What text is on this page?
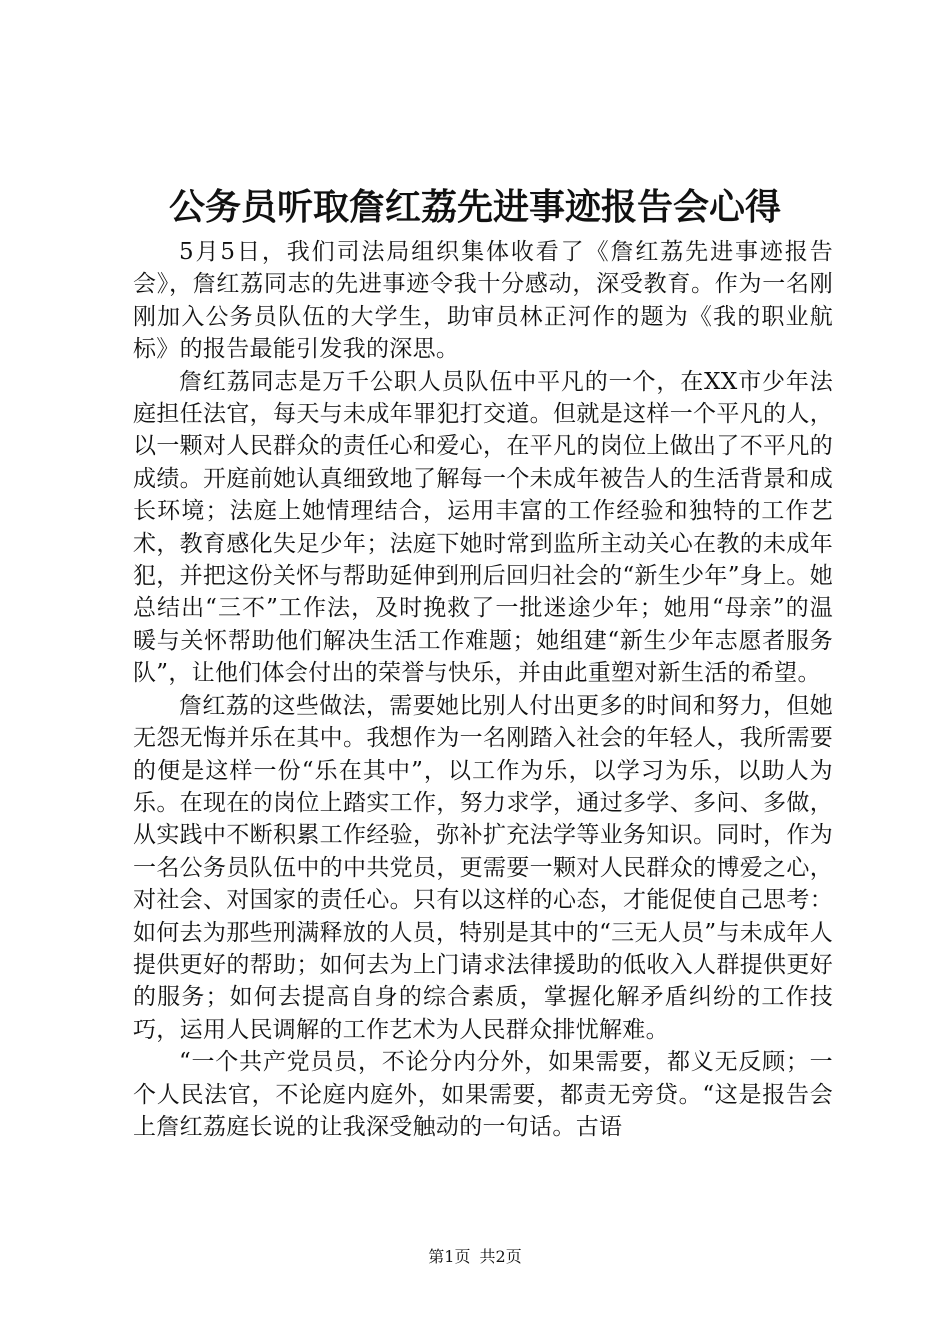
公务员听取詹红荔先进事迹报告会心得

5月5日，我们司法局组织集体收看了《詹红荔先进事迹报告会》，詹红荔同志的先进事迹令我十分感动，深受教育。作为一名刚刚加入公务员队伍的大学生，助审员林正河作的题为《我的职业航标》的报告最能引发我的深思。

詹红荔同志是万千公职人员队伍中平凡的一个，在XX市少年法庭担任法官，每天与未成年罪犯打交道。但就是这样一个平凡的人，以一颗对人民群众的责任心和爱心，在平凡的岗位上做出了不平凡的成绩。开庭前她认真细致地了解每一个未成年被告人的生活背景和成长环境；法庭上她情理结合，运用丰富的工作经验和独特的工作艺术，教育感化失足少年；法庭下她时常到监所主动关心在教的未成年犯，并把这份关怀与帮助延伸到刑后回归社会的“新生少年”身上。她总结出“三不”工作法，及时挽救了一批迷途少年；她用“母亲”的温暖与关怀帮助他们解决生活工作难题；她组建“新生少年志愿者服务队”，让他们体会付出的荣誉与快乐，并由此重塑对新生活的希望。

詹红荔的这些做法，需要她比别人付出更多的时间和努力，但她无怨无悔并乐在其中。我想作为一名刚踏入社会的年轻人，我所需要的便是这样一份“乐在其中”，以工作为乐，以学习为乐，以助人为乐。在现在的岗位上踏实工作，努力求学，通过多学、多问、多做，从实践中不断积累工作经验，弥补扩充法学等业务知识。同时，作为一名公务员队伍中的中共党员，更需要一颗对人民群众的博爱之心，对社会、对国家的责任心。只有以这样的心态，才能促使自己思考：如何去为那些刑满释放的人员，特别是其中的“三无人员”与未成年人提供更好的帮助；如何去为上门请求法律援助的低收入人群提供更好的服务；如何去提高自身的综合素质，掌握化解矛盾纠纷的工作技巧，运用人民调解的工作艺术为人民群众排忧解难。

“一个共产党员员，不论分内分外，如果需要，都义无反顾；一个人民法官，不论庭内庭外，如果需要，都责无旁贷。“这是报告会上詹红荔庭长说的让我深受触动的一句话。古语

第1页 共2页
